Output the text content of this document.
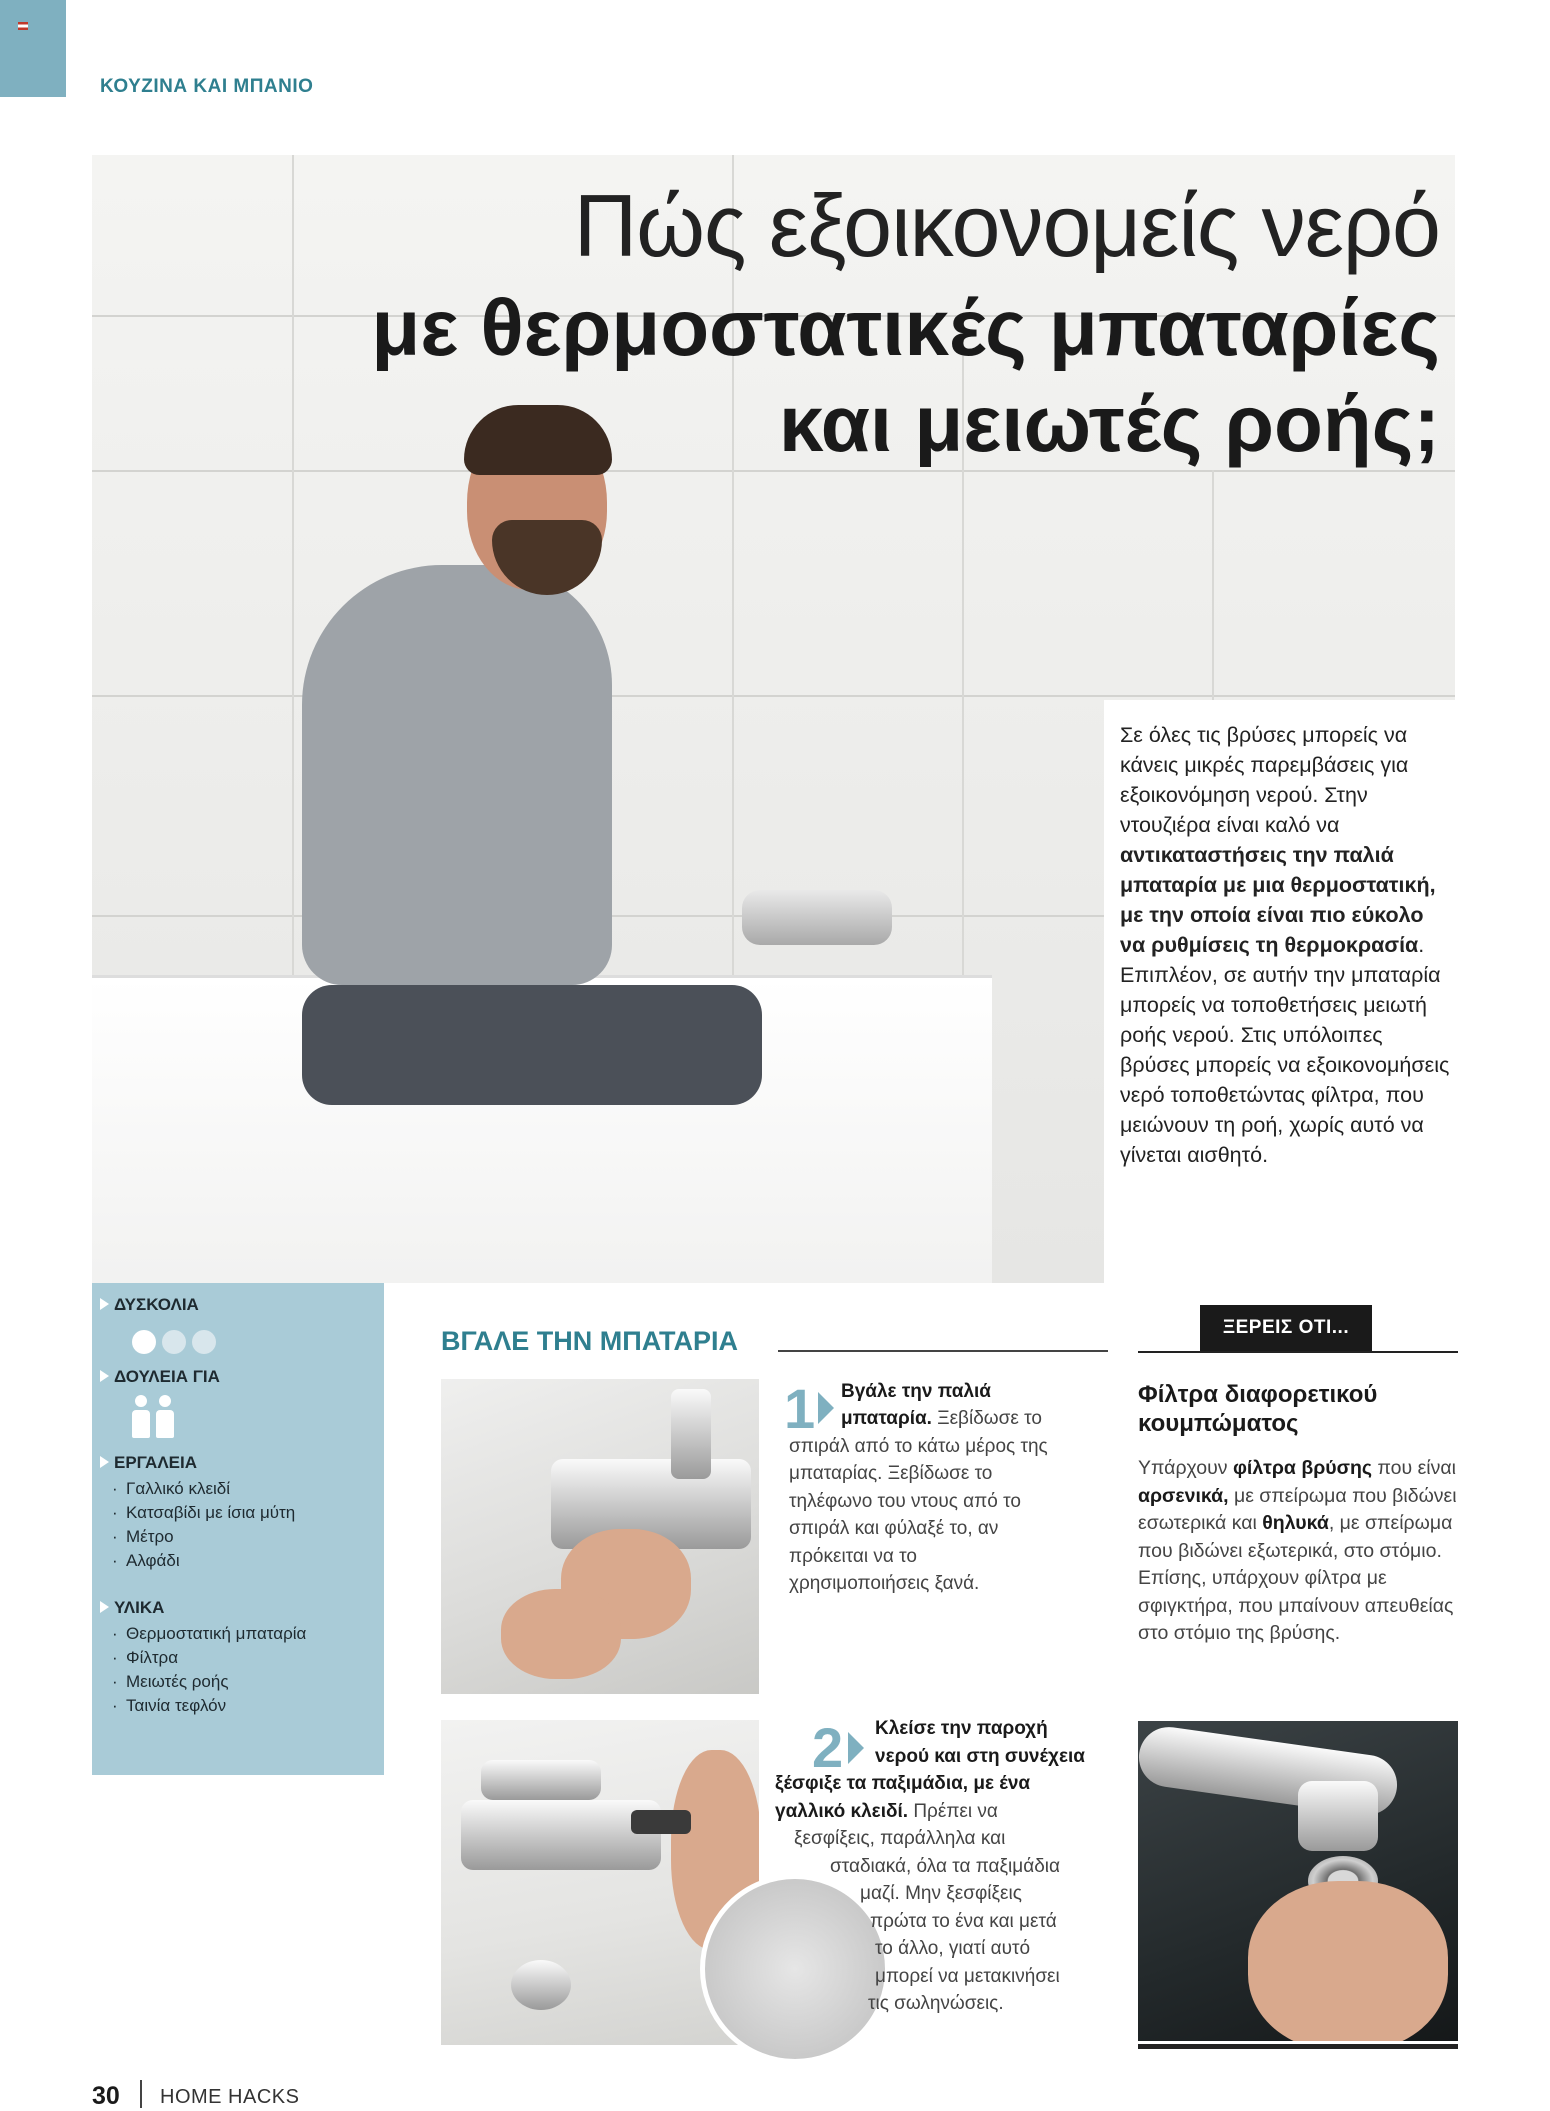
ΚΟΥΖΙΝΑ ΚΑΙ ΜΠΑΝΙΟ
Πώς εξοικονομείς νερό
με θερμοστατικές μπαταρίες
και μειωτές ροής;
Σε όλες τις βρύσες μπορείς να κάνεις μικρές παρεμβάσεις για εξοικονόμηση νερού. Στην ντουζιέρα είναι καλό να αντικαταστήσεις την παλιά μπαταρία με μια θερμοστατική, με την οποία είναι πιο εύκολο να ρυθμίσεις τη θερμοκρασία. Επιπλέον, σε αυτήν την μπαταρία μπορείς να τοποθετήσεις μειωτή ροής νερού. Στις υπόλοιπες βρύσες μπορείς να εξοικονομήσεις νερό τοποθετώντας φίλτρα, που μειώνουν τη ροή, χωρίς αυτό να γίνεται αισθητό.
ΔΥΣΚΟΛΙΑ
ΔΟΥΛΕΙΑ ΓΙΑ
ΕΡΓΑΛΕΙΑ
· Γαλλικό κλειδί
· Κατσαβίδι με ίσια μύτη
· Μέτρο
· Αλφάδι
ΥΛΙΚΑ
· Θερμοστατική μπαταρία
· Φίλτρα
· Μειωτές ροής
· Ταινία τεφλόν
ΒΓΑΛΕ ΤΗΝ ΜΠΑΤΑΡΙΑ
1 Βγάλε την παλιά
μπαταρία. Ξεβίδωσε το
σπιράλ από το κάτω μέρος της
μπαταρίας. Ξεβίδωσε το
τηλέφωνο του ντους από το
σπιράλ και φύλαξέ το, αν
πρόκειται να το
χρησιμοποιήσεις ξανά.
2 Κλείσε την παροχή
νερού και στη συνέχεια
ξέσφιξε τα παξιμάδια, με ένα
γαλλικό κλειδί. Πρέπει να
ξεσφίξεις, παράλληλα και
σταδιακά, όλα τα παξιμάδια
μαζί. Μην ξεσφίξεις
πρώτα το ένα και μετά
το άλλο, γιατί αυτό
μπορεί να μετακινήσει
τις σωληνώσεις.
ΞΕΡΕΙΣ ΟΤΙ...
Φίλτρα διαφορετικού κουμπώματος
Υπάρχουν φίλτρα βρύσης που είναι αρσενικά, με σπείρωμα που βιδώνει εσωτερικά και θηλυκά, με σπείρωμα που βιδώνει εξωτερικά, στο στόμιο. Επίσης, υπάρχουν φίλτρα με σφιγκτήρα, που μπαίνουν απευθείας στο στόμιο της βρύσης.
30 HOME HACKS
